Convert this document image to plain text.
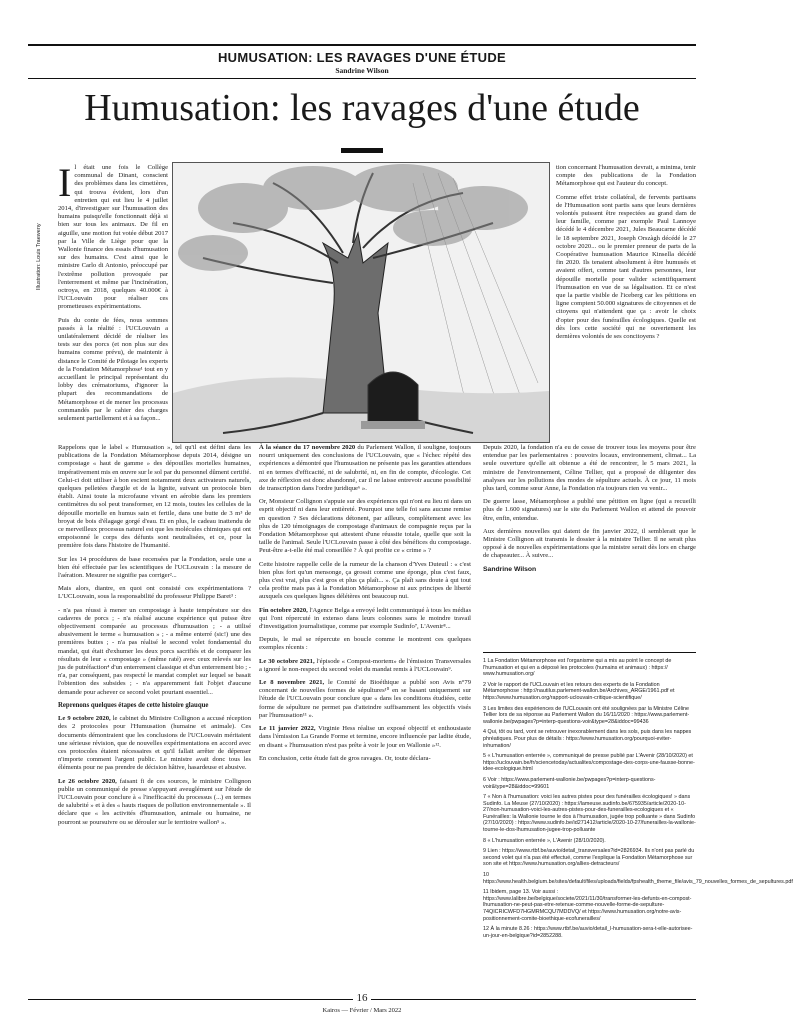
HUMUSATION: LES RAVAGES D'UNE ÉTUDE
Sandrine Wilson
Humusation: les ravages d'une étude
Illustration: Louis Traeweny

Il était une fois le Collège communal de Dinant, conscient des problèmes dans les cimetières, qui trouva évident, lors d'un entretien qui eut lieu le 4 juillet 2014, d'investiguer sur l'humusation des humains puisqu'elle fonctionnait déjà si bien sur tous les animaux. De fil en aiguille, une motion fut votée début 2017 par la Ville de Liège pour que la Wallonie finance des essais d'humusation sur des humains. C'est ainsi que le ministre Carlo di Antonio, préoccupé par l'extrême pollution provoquée par l'enterrement et même par l'incinération, octroya, en 2018, quelques 40.000€ à l'UCLouvain pour réaliser ces prometteuses expérimentations.

Puis du conte de fées, nous sommes passés à la réalité : l'UCLouvain a unilatéralement décidé de réaliser les tests sur des porcs (et non plus sur des humains comme prévu), de maintenir à distance le Comité de Pilotage les experts de la Fondation Métamorphose¹ tout en y accueillant le principal représentant du lobby des crématoriums, d'ignorer la plupart des recommandations de Métamorphose et de mener les processus commandés par le cahier des charges seulement partiellement et à sa façon...

Rappelons que le label « Humusation », tel qu'il est défini dans les publications de la Fondation Métamorphose depuis 2014, désigne un compostage « haut de gamme » des dépouilles mortelles humaines, impérativement mis en œuvre sur le sol par du personnel dûment certifié. Celui-ci doit utiliser à bon escient notamment deux activateurs naturels, quelques pelletées d'argile et de la lignite, suivant un protocole bien établi. Ainsi toute la microfaune vivant en aérobie dans les premiers centimètres du sol peut transformer, en 12 mois, toutes les cellules de la dépouille mortelle en humus sain et fertile, dans une butte de 3 m³ de broyat de bois d'élagage gorgé d'eau. Et en plus, le cadeau inattendu de ce merveilleux processus naturel est que les molécules chimiques qui ont empoisonné le corps des défunts sont neutralisées, et ce, pour la première fois dans l'histoire de l'humanité.

Sur les 14 procédures de base recensées par la Fondation, seule une a bien été effectuée par les scientifiques de l'UCLouvain : la mesure de l'aération. Mesurer ne signifie pas corriger²...

Mais alors, diantre, en quoi ont consisté ces expérimentations ? L'UCLouvain, sous la responsabilité du professeur Philippe Baret³ :

- n'a pas réussi à mener un compostage à haute température sur des cadavres de porcs ; - n'a réalisé aucune expérience qui puisse être objectivement comparée au processus d'humusation ; - a utilisé abusivement le terme « humusation » ; - a même enterré (sic!) une des premières buttes ; - n'a pas réalisé le second volet fondamental du mandat, qui était d'exhumer les deux porcs sacrifiés et de comparer les résultats de leur « compostage » (même raté) avec ceux relevés sur les jus de putréfaction⁴ d'un enterrement classique et d'un enterrement bio ; - n'a, par conséquent, pas respecté le mandat complet sur lequel se basait l'obtention des subsides ; - n'a apparemment fait l'objet d'aucune demande pour achever ce second volet pourtant essentiel...

Reprenons quelques étapes de cette histoire glauque

Le 9 octobre 2020, le cabinet du Ministre Collignon a accusé réception des 2 protocoles pour l'Humusation (humaine et animale). Ces documents démontraient que les conclusions de l'UCLouvain méritaient une sérieuse révision, que de nouvelles expérimentations en accord avec ces protocoles étaient nécessaires et qu'il fallait arrêter de dépenser n'importe comment l'argent public. Le ministre avait donc tous les éléments pour ne pas prendre de décision hâtive, hasardeuse et abusive.

Le 26 octobre 2020, faisant fi de ces sources, le ministre Collignon publie un communiqué de presse s'appuyant aveuglément sur l'étude de l'UCLouvain pour conclure à « l'inefficacité du processus (...) en termes de salubrité » et à des « hauts risques de pollution environnementale ». Il déclare que « les activités d'humusation, animale ou humaine, ne pourront se poursuivre ou se dérouler sur le territoire wallon⁵ ».

À la séance du 17 novembre 2020 du Parlement Wallon, il souligne, toujours nourri uniquement des conclusions de l'UCLouvain, que « l'échec répété des expériences a démontré que l'humusation ne présente pas les garanties attendues ni en termes d'efficacité, ni de salubrité, ni, en fin de compte, d'écologie. Cet axe de réflexion est donc abandonné, car il ne laisse entrevoir aucune possibilité de transcription dans l'ordre juridique⁶ ».

Or, Monsieur Collignon s'appuie sur des expériences qui n'ont eu lieu ni dans un esprit objectif ni dans leur entièreté. Pourquoi une telle foi sans aucune remise en question ? Ses déclarations détonent, par ailleurs, complètement avec les plus de 120 témoignages de compostage d'animaux de compagnie reçus par la Fondation Métamorphose qui attestent d'une réussite totale, quelle que soit la taille de l'animal. Seule l'UCLouvain passe à côté des bénéfices du compostage. Peut-être a-t-elle été mal conseillée ? À qui profite ce « crime » ?

Cette histoire rappelle celle de la rumeur de la chanson d'Yves Duteuil : « c'est bien plus fort qu'un mensonge, ça grossit comme une éponge, plus c'est faux, plus c'est vrai, plus c'est gros et plus ça plaît... ». Ça plaît sans doute à qui tout cela profite mais pas à la Fondation Métamorphose ni aux principes de liberté auxquels ces quelques lignes délétères ont beaucoup nui.

Fin octobre 2020, l'Agence Belga a envoyé ledit communiqué à tous les médias qui l'ont répercuté in extenso dans leurs colonnes sans le moindre travail d'investigation journalistique, comme par exemple Sudinfo⁷, L'Avenir⁸...

Depuis, le mal se répercute en boucle comme le montrent ces quelques exemples récents :

Le 30 octobre 2021, l'épisode « Compost-mortem» de l'émission Transversales a ignoré le non-respect du second volet du mandat remis à l'UCLouvain⁹.

Le 8 novembre 2021, le Comité de Bioéthique a publié son Avis n°79 concernant de nouvelles formes de sépultures¹⁰ en se basant uniquement sur l'étude de l'UCLouvain pour conclure que « dans les conditions étudiées, cette forme de sépulture ne permet pas d'atteindre suffisamment les objectifs visés par l'humusation¹¹ ».

Le 11 janvier 2022, Virginie Hess réalise un exposé objectif et enthousiaste dans l'émission La Grande Forme et termine, encore influencée par ladite étude, en disant « l'humusation n'est pas prête à voir le jour en Wallonie »¹².

En conclusion, cette étude fait de gros ravages. Or, toute déclara-

tion concernant l'humusation devrait, a minima, tenir compte des publications de la Fondation Métamorphose qui est l'auteur du concept.

Comme effet triste collatéral, de fervents partisans de l'Humusation sont partis sans que leurs dernières volontés puissent être respectées au grand dam de leur famille, comme par exemple Paul Lannoye décédé le 4 décembre 2021, Jules Beaucarne décédé le 18 septembre 2021, Joseph Orszàgh décédé le 27 octobre 2020... ou le premier preneur de parts de la Coopérative humusation Maurice Kinsella décédé fin 2020. Ils tenaient absolument à être humusés et avaient offert, comme tant d'autres personnes, leur dépouille mortelle pour valider scientifiquement l'humusation en vue de sa légalisation. Et ce n'est que la partie visible de l'iceberg car les pétitions en ligne comptent 50.000 signatures de citoyennes et de citoyens qui n'attendent que ça : avoir le choix d'opter pour des funérailles écologiques. Quelle est dès lors cette société qui ne ouvertement les dernières volontés de ses concitoyens ?

Depuis 2020, la fondation n'a eu de cesse de trouver tous les moyens pour être entendue par les parlementaires : pouvoirs locaux, environnement, climat... La seule ouverture qu'elle ait obtenue a été de rencontrer, le 5 mars 2021, la ministre de l'environnement, Céline Tellier, qui a proposé de diligenter des analyses sur les pollutions des modes de sépulture actuels. À ce jour, 11 mois plus tard, comme sœur Anne, la Fondation n'a toujours rien vu venir...

De guerre lasse, Métamorphose a publié une pétition en ligne (qui a recueilli plus de 1.600 signatures) sur le site du Parlement Wallon et attend de pouvoir être, enfin, entendue.

Aux dernières nouvelles qui datent de fin janvier 2022, il semblerait que le Ministre Collignon ait transmis le dossier à la ministre Tellier. Il ne serait plus opposé à de nouvelles expérimentations que la ministre serait dès lors en charge de chapeauter... À suivre...

Sandrine Wilson

1 La Fondation Métamorphose est l'organisme qui a mis au point le concept de l'humusation et qui en a déposé les protocoles (humains et animaux) : https:// www.humusation.org/
2 Voir le rapport de l'UCLouvain et les retours des experts de la Fondation Métamorphose : http://nautilus.parlement-wallon.be/Archives_ARGE/1961.pdf et https://www.humusation.org/rapport-uclouvain-critique-scientifique/
3 Les limites des expériences de l'UCLouvain ont été soulignées par la Ministre Céline Tellier lors de sa réponse au Parlement Wallon du 16/11/2020 : https://www.parlement-wallonie.be/pwpages?p=interp-questions-voir&type=28&iddoc=99436
4 Qui, tôt ou tard, vont se retrouver inexorablement dans les sols, puis dans les nappes phréatiques. Pour plus de détails : https://www.humusation.org/pourquoi-eviter-inhumation/
5 « L'humusation enterrée », communiqué de presse publié par L'Avenir (28/10/2020) et https://uclouvain.be/fr/sciencetoday/actualites/compostage-des-corps-une-fausse-bonne-idee-ecologique.html
6 Voir : https://www.parlement-wallonie.be/pwpages?p=interp-questions-voir&type=28&iddoc=99601
7 « Non à l'humusation: voici les autres pistes pour des funérailles écologiques! » dans Sudinfo. La Meuse (27/10/2020) : https://lameuse.sudinfo.be/675935/article/2020-10-27/non-humusation-voici-les-autres-pistes-pour-des-funerailles-ecologiques et « Funérailles: la Wallonie tourne le dos à l'humusation, jugée trop polluante » dans Sudinfo (27/10/2020) : https://www.sudinfo.be/id271412/article/2020-10-27/funerailles-la-wallonie-tourne-le-dos-lhumusation-jugee-trop-polluante
8 « L'humusation enterrée », L'Avenir (28/10/2020).
9 Lien : https://www.rtbf.be/auvio/detail_transversales?id=2826934. Ils n'ont pas parlé du second volet qui n'a pas été effectué, comme l'explique la Fondation Métamorphose sur son site et https://www.humusation.org/allies-detracteurs/
10 https://www.health.belgium.be/sites/default/files/uploads/fields/fpshealth_theme_file/avis_79_nouvelles_formes_de_sepultures.pdf
11 Ibidem, page 13. Voir aussi : https://www.lalibre.be/belgique/societe/2021/11/30/transformer-les-defunts-en-compost-lhumusation-ne-peut-pas-etre-retenue-comme-nouvelle-forme-de-sepulture-74QICRICWFD7HGMRMCQU7MDDVQ/ et https://www.humusation.org/notre-avis-positionnement-comite-bioethique-ecofunerailles/
12 À la minute 8.26 : https://www.rtbf.be/auvio/detail_l-humusation-sera-t-elle-autorisee-un-jour-en-belgique?id=2852288.
16
Kairos — Février / Mars 2022
